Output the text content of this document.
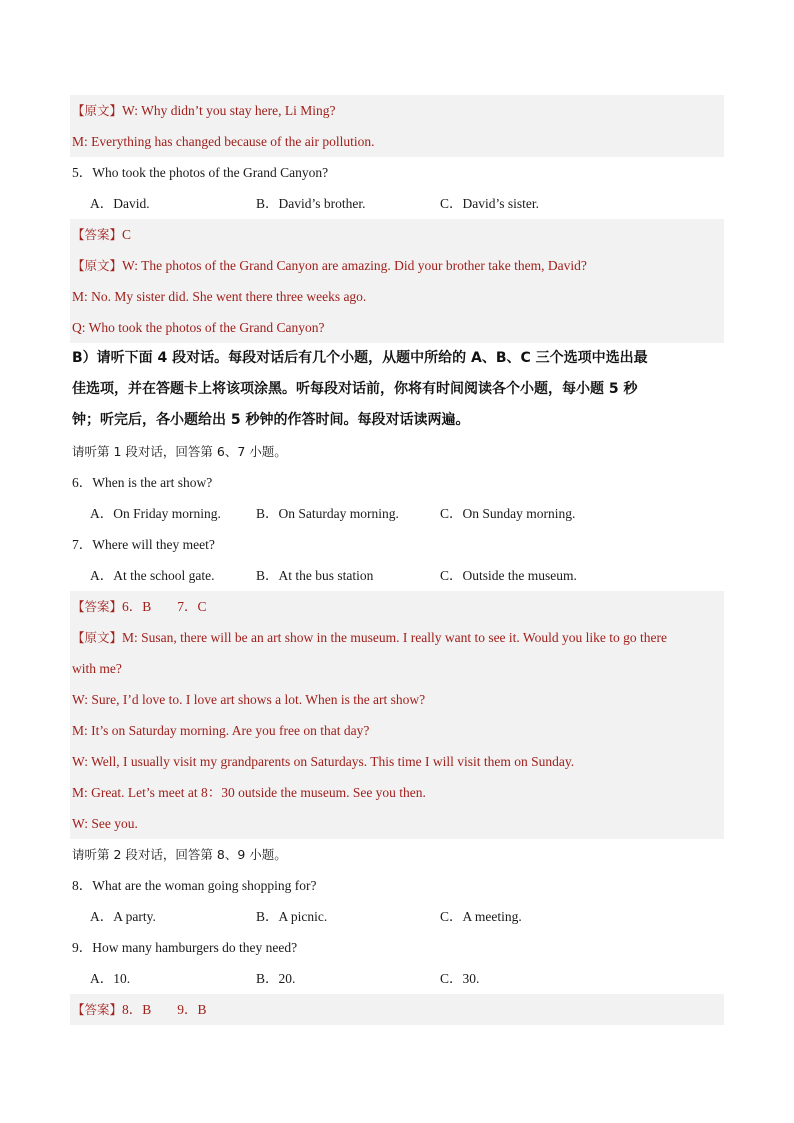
【原文】W: Why didn’t you stay here, Li Ming?
M: Everything has changed because of the air pollution.
5．Who took the photos of the Grand Canyon?
A．David.	B．David’s brother.	C．David’s sister.
【答案】C
【原文】W: The photos of the Grand Canyon are amazing. Did your brother take them, David?
M: No. My sister did. She went there three weeks ago.
Q: Who took the photos of the Grand Canyon?
B）请听下面 4 段对话。每段对话后有几个小题，从题中所给的 A、B、C 三个选项中选出最
佳选项，并在答题卡上将该项涂黑。听每段对话前，你将有时间阅读各个小题，每小题 5 秒
钟；听完后，各小题给出 5 秒钟的作答时间。每段对话读两遍。
请听第 1 段对话，回答第 6、7 小题。
6．When is the art show?
A．On Friday morning.	B．On Saturday morning.	C．On Sunday morning.
7．Where will they meet?
A．At the school gate.	B．At the bus station	C．Outside the museum.
【答案】6．B 7．C
【原文】M: Susan, there will be an art show in the museum. I really want to see it. Would you like to go there
with me?
W: Sure, I’d love to. I love art shows a lot. When is the art show?
M: It’s on Saturday morning. Are you free on that day?
W: Well, I usually visit my grandparents on Saturdays. This time I will visit them on Sunday.
M: Great. Let’s meet at 8：30 outside the museum. See you then.
W: See you.
请听第 2 段对话，回答第 8、9 小题。
8．What are the woman going shopping for?
A．A party.	B．A picnic.	C．A meeting.
9．How many hamburgers do they need?
A．10.	B．20.	C．30.
【答案】8．B 9．B
